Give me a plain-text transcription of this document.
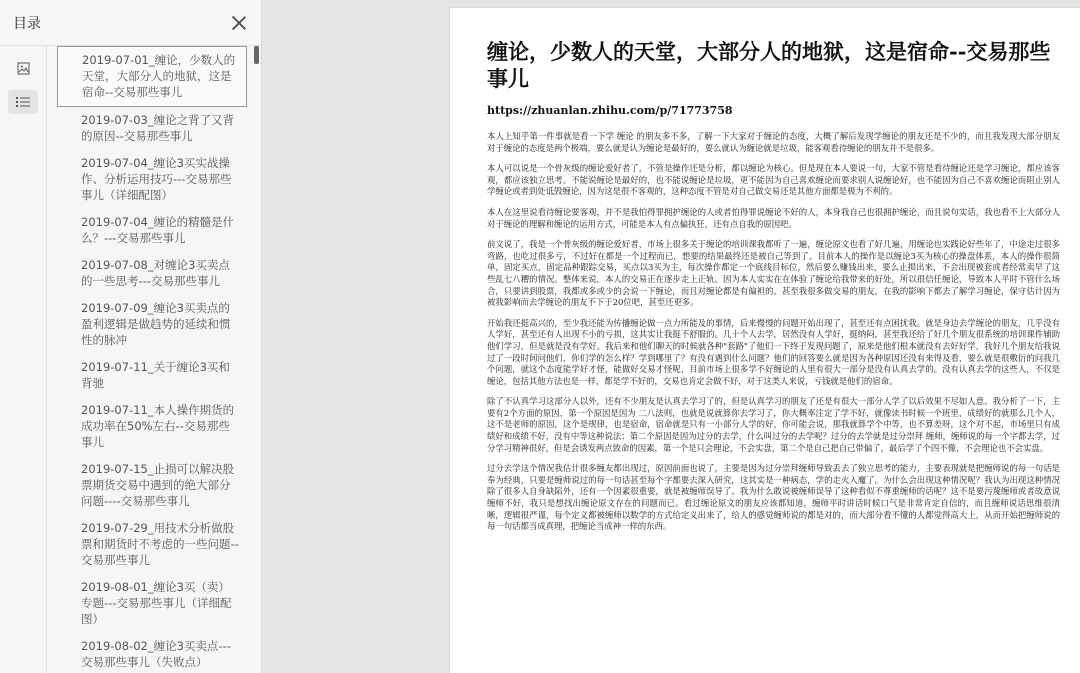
目录
2019-07-01_缠论，少数人的天堂，大部分人的地狱，这是宿命--交易那些事儿
2019-07-03_缠论之背了又背的原因--交易那些事儿
2019-07-04_缠论3买实战操作、分析运用技巧---交易那些事儿（详细配图）
2019-07-04_缠论的精髓是什么？---交易那些事儿
2019-07-08_对缠论3买卖点的一些思考---交易那些事儿
2019-07-09_缠论3买卖点的盈利逻辑是做趋势的延续和惯性的脉冲
2019-07-11_关于缠论3买和背驰
2019-07-11_本人操作期货的成功率在50%左右--交易那些事儿
2019-07-15_止损可以解决股票期货交易中遇到的绝大部分问题----交易那些事儿
2019-07-29_用技术分析做股票和期货时不考虑的一些问题--交易那些事儿
2019-08-01_缠论3买（卖）专题---交易那些事儿（详细配图）
2019-08-02_缠论3买卖点---交易那些事儿（失败点）
缠论，少数人的天堂，大部分人的地狱，这是宿命--交易那些事儿
https://zhuanlan.zhihu.com/p/71773758

本人上知乎第一件事就是看一下学 缠论 的朋友多不多，了解一下大家对于缠论的态度，大概了解后发现学缠论的朋友还是不少的，而且我发现大部分朋友对于缠论的态度是两个极端，要么就是认为缠论是最好的，要么就认为缠论就是垃圾，能客观看待缠论的朋友并不是很多。

本人可以说是一个骨灰级的缠论爱好者了，不管是操作还是分析，都以缠论为核心。但是现在本人要说一句，大家不管是看待缠论还是学习缠论，都应该客观，都应该独立思考。不能说缠论是最好的，也不能说缠论是垃圾，更不能因为自己喜欢缠论而要求别人说缠论好，也不能因为自己不喜欢缠论而阻止别人学缠论或者到处诋毁缠论，因为这是很不客观的，这种态度不管是对自己做交易还是其他方面都是极为不利的。

本人在这里说看待缠论要客观，并不是我怕得罪拥护缠论的人或者怕得罪说缠论不好的人，本身我自己也很拥护缠论，而且说句实话，我也看不上大部分人对于缠论的理解和缠论的运用方式，可能是本人有点偏执狂，还有点自我的原因吧。

前文说了，我是一个骨灰级的缠论爱好者，市场上很多关于缠论的培训课我都听了一遍，缠论原文也看了好几遍，用缠论也实践论好些年了，中途走过很多弯路，也吃过很多亏，不过好在都是一个过程而已，想要的结果最终还是被自己等到了。目前本人的操作是以缠论3买为核心的操盘体系，本人的操作很简单，固定买点，固定品种跟踪交易，买点以3买为主，每次操作都定一个底线目标位，然后要么赚钱出来，要么止损出来，不会出现被套或者经常卖早了这些乱七八糟的情况。整体来说，本人的交易正在逐步走上正轨。因为本人实实在在体验了缠论给我带来的好处，所以很信任缠论，导致本人平时不管什么场合，只要讲到股票，我都或多或少的会说一下缠论，而且对缠论都是有偏袒的。甚至我很多做交易的朋友，在我的影响下都去了解学习缠论，保守估计因为被我影响而去学缠论的朋友不下于20位吧，甚至还更多。

开始我还挺高兴的，至少我还能为传播缠论做一点力所能及的事情，后来慢慢的问题开始出现了，甚至还有点困扰我。就是身边去学缠论的朋友，几乎没有人学好，甚至还有人出现不小的亏损，这其实让我挺不舒服的。几十个人去学，居然没有人学好，挺纳闷，甚至我还给了好几个朋友很系统的培训课件辅助他们学习，但是就是没有学好。我后来和他们聊天的时候就各种"套路"了他们一下终于发现问题了，原来是他们根本就没有去好好学，我好几个朋友给我说过了一段时间问他们，你们学的怎么样？学到哪里了？有没有遇到什么问题？他们的回答要么就是因为各种原因还没有来得及看，要么就是很敷衍的问我几个问题，就这个态度能学好才怪，能做好交易才怪呢，目前市场上很多学不好缠论的人里有很大一部分是没有认真去学的。没有认真去学的这些人，不仅是缠论，包括其他方法也是一样，都是学不好的，交易也肯定会做不好，对于这类人来说，亏钱就是他们的宿命。

除了不认真学习这部分人以外，还有不少朋友是认真去学习了的，但是认真学习的朋友了还是有很大一部分人学了以后效果不尽如人意。我分析了一下，主要有2个方面的原因，第一个原因是因为 二八法则，也就是说就算你去学习了，你大概率注定了学不好，就像读书时候一个班里，成绩好的就那么几个人，这不是老师的原因，这个是规律，也是宿命，宿命就是只有一小部分人学的好，你可能会说，那我就算学个中等，也不算差呀，这个对不起，市场里只有成绩好和成绩不好，没有中等这种说法；第二个原因是因为过分的去学，什么叫过分的去学呢？过分的去学就是过分崇拜 缠师，缠师说的每一个字都去学，过分学习精神很好，但是会诱发两点致命的因素，第一个是只会理论，不会实盘，第二个是自己把自己带偏了，最后学了个四不像，不会理论也不会实盘。

过分去学这个情况我估计很多缠友都出现过，原因前面也说了，主要是因为过分崇拜缠师导致丢去了独立思考的能力，主要表现就是把缠师说的每一句话是奉为经典，只要是缠师说过的每一句话甚至每个字都要去深入研究，这其实是一种病态，学的走火入魔了。为什么会出现这种情况呢？我认为出现这种情况除了很多人自身缺陷外，还有一个因素很重要，就是被缠师误导了。我为什么敢说被缠师误导了这种看似不尊重缠师的话呢？这不是要污蔑缠师或者故意说缠师不好，我只是想找出缠论原文存在的问题而已。看过缠论原文的朋友应该都知道，缠师平时讲话时候口气是非常肯定自信的，而且缠师说话思维很清晰，逻辑很严谨，每个定义都被缠师以数学的方式给定义出来了，给人的感觉缠师说的都是对的，而大部分看不懂的人都觉得高大上，从而开始把缠师说的每一句话都当成真理，把缠论当成神一样的东西。
